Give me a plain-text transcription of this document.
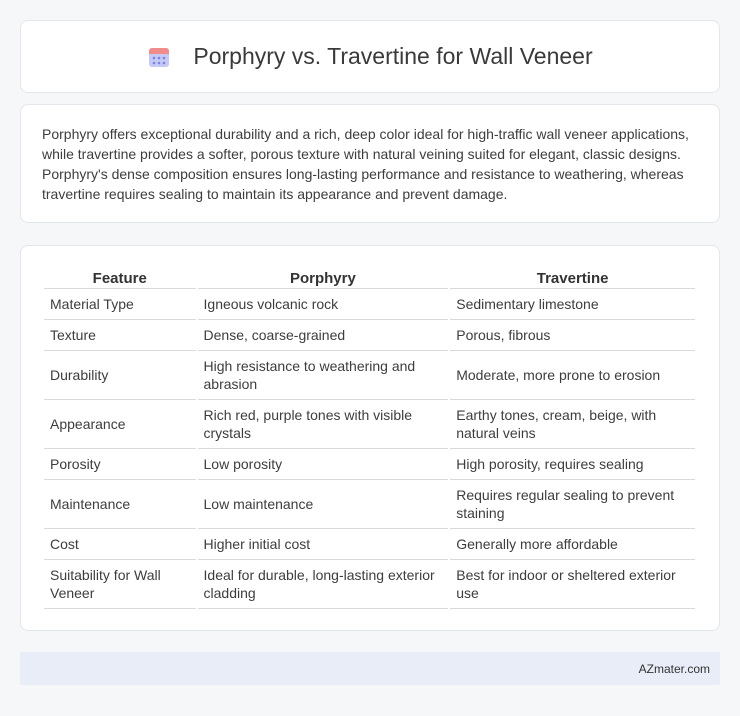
Porphyry vs. Travertine for Wall Veneer

Porphyry offers exceptional durability and a rich, deep color ideal for high-traffic wall veneer applications, while travertine provides a softer, porous texture with natural veining suited for elegant, classic designs. Porphyry's dense composition ensures long-lasting performance and resistance to weathering, whereas travertine requires sealing to maintain its appearance and prevent damage.

Feature	Porphyry	Travertine
Material Type	Igneous volcanic rock	Sedimentary limestone
Texture	Dense, coarse-grained	Porous, fibrous
Durability	High resistance to weathering and abrasion	Moderate, more prone to erosion
Appearance	Rich red, purple tones with visible crystals	Earthy tones, cream, beige, with natural veins
Porosity	Low porosity	High porosity, requires sealing
Maintenance	Low maintenance	Requires regular sealing to prevent staining
Cost	Higher initial cost	Generally more affordable
Suitability for Wall Veneer	Ideal for durable, long-lasting exterior cladding	Best for indoor or sheltered exterior use
AZmater.com
